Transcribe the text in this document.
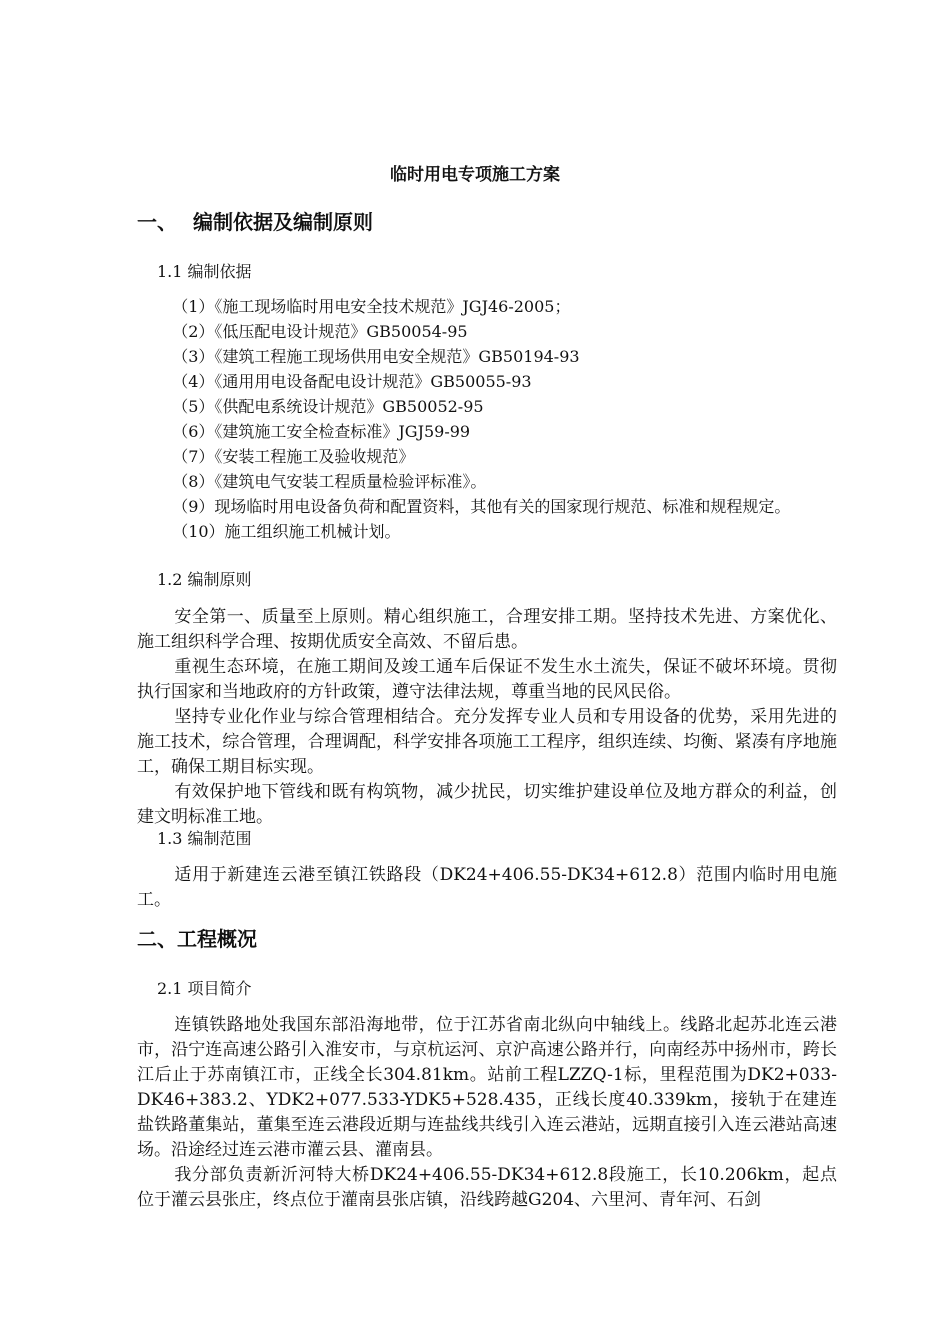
临时用电专项施工方案
一、 编制依据及编制原则
1.1 编制依据

（1）《施工现场临时用电安全技术规范》JGJ46-2005；

（2）《低压配电设计规范》GB50054-95

（3）《建筑工程施工现场供用电安全规范》GB50194-93

（4）《通用用电设备配电设计规范》GB50055-93

（5）《供配电系统设计规范》GB50052-95

（6）《建筑施工安全检查标准》JGJ59-99

（7）《安装工程施工及验收规范》

（8）《建筑电气安装工程质量检验评标准》。

（9）现场临时用电设备负荷和配置资料，其他有关的国家现行规范、标准和规程规定。

（10）施工组织施工机械计划。

1.2 编制原则

安全第一、质量至上原则。精心组织施工，合理安排工期。坚持技术先进、方案优化、施工组织科学合理、按期优质安全高效、不留后患。

重视生态环境，在施工期间及竣工通车后保证不发生水土流失，保证不破坏环境。贯彻执行国家和当地政府的方针政策，遵守法律法规，尊重当地的民风民俗。

坚持专业化作业与综合管理相结合。充分发挥专业人员和专用设备的优势，采用先进的施工技术，综合管理，合理调配，科学安排各项施工工程序，组织连续、均衡、紧凑有序地施工，确保工期目标实现。

有效保护地下管线和既有构筑物，减少扰民，切实维护建设单位及地方群众的利益，创建文明标准工地。

1.3 编制范围

适用于新建连云港至镇江铁路段（DK24+406.55-DK34+612.8）范围内临时用电施工。

二、工程概况
2.1 项目简介

连镇铁路地处我国东部沿海地带，位于江苏省南北纵向中轴线上。线路北起苏北连云港市，沿宁连高速公路引入淮安市，与京杭运河、京沪高速公路并行，向南经苏中扬州市，跨长江后止于苏南镇江市，正线全长304.81km。站前工程LZZQ-1标，里程范围为DK2+033-DK46+383.2、YDK2+077.533-YDK5+528.435，正线长度40.339km，接轨于在建连盐铁路董集站，董集至连云港段近期与连盐线共线引入连云港站，远期直接引入连云港站高速场。沿途经过连云港市灌云县、灌南县。

我分部负责新沂河特大桥DK24+406.55-DK34+612.8段施工，长10.206km，起点位于灌云县张庄，终点位于灌南县张店镇，沿线跨越G204、六里河、青年河、石剑
